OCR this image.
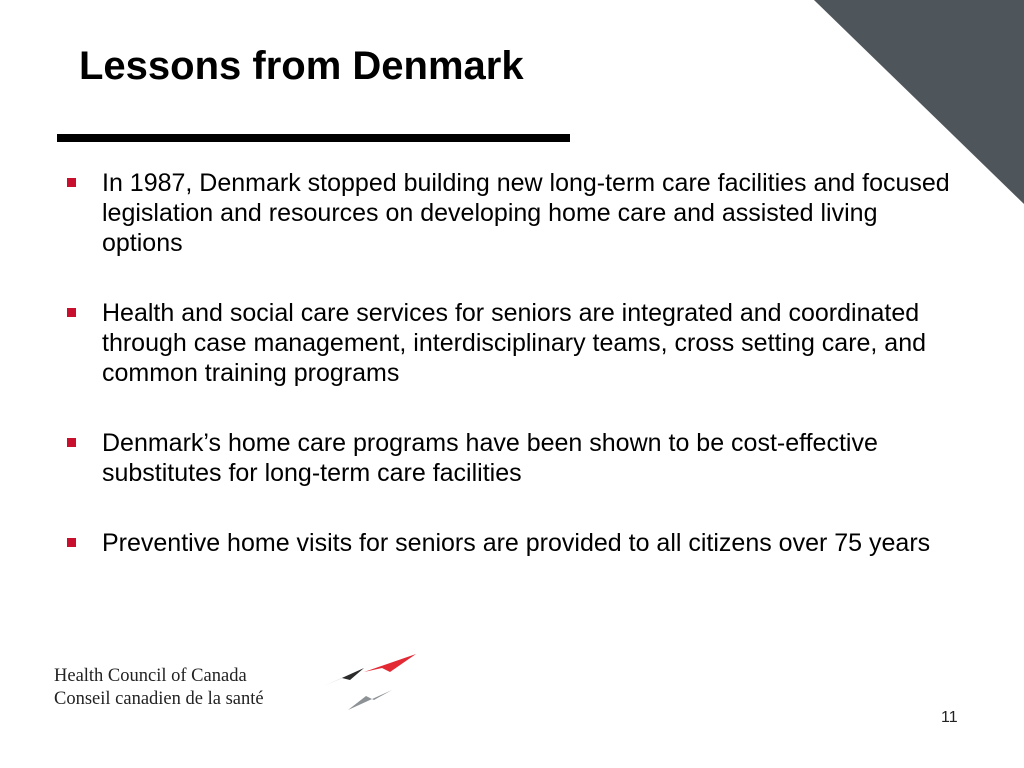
Lessons from Denmark
In 1987, Denmark stopped building new long-term care facilities and focused legislation and resources on developing home care and assisted living options
Health and social care services for seniors are integrated and coordinated through case management, interdisciplinary teams, cross setting care, and common training programs
Denmark’s home care programs have been shown to be cost-effective substitutes for long-term care facilities
Preventive home visits for seniors are provided to all citizens over 75 years
Health Council of Canada
Conseil canadien de la santé
11
